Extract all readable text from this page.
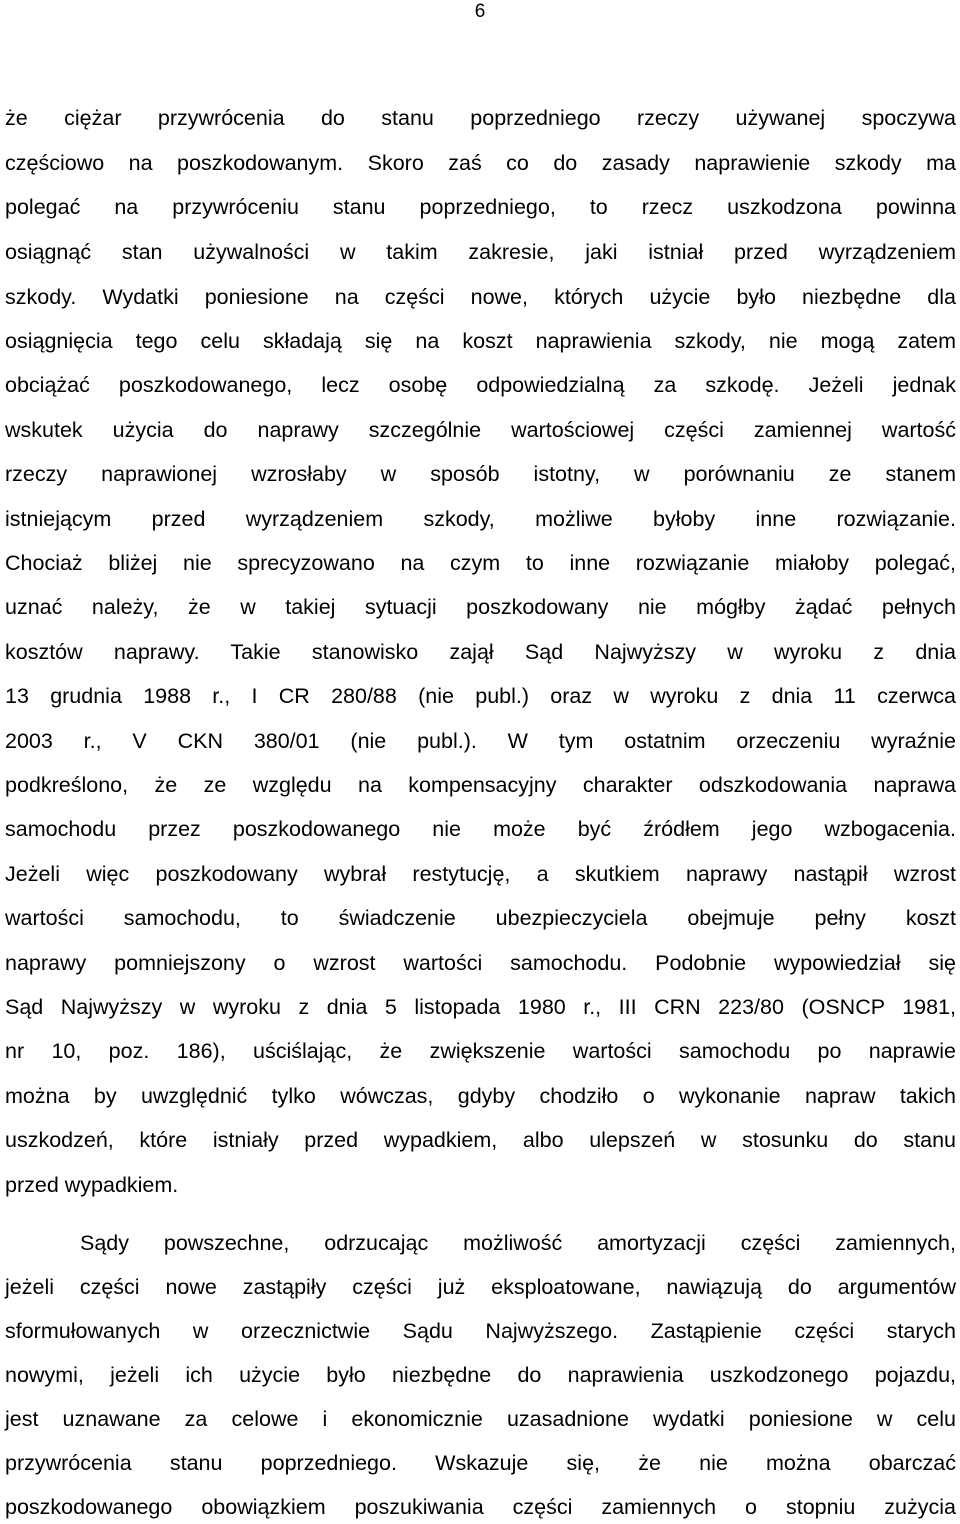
6
że ciężar przywrócenia do stanu poprzedniego rzeczy używanej spoczywa
częściowo na poszkodowanym. Skoro zaś co do zasady naprawienie szkody ma
polegać na przywróceniu stanu poprzedniego, to rzecz uszkodzona powinna
osiągnąć stan używalności w takim zakresie, jaki istniał przed wyrządzeniem
szkody. Wydatki poniesione na części nowe, których użycie było niezbędne dla
osiągnięcia tego celu składają się na koszt naprawienia szkody, nie mogą zatem
obciążać poszkodowanego, lecz osobę odpowiedzialną za szkodę. Jeżeli jednak
wskutek użycia do naprawy szczególnie wartościowej części zamiennej wartość
rzeczy naprawionej wzrosłaby w sposób istotny, w porównaniu ze stanem
istniejącym przed wyrządzeniem szkody, możliwe byłoby inne rozwiązanie.
Chociaż bliżej nie sprecyzowano na czym to inne rozwiązanie miałoby polegać,
uznać należy, że w takiej sytuacji poszkodowany nie mógłby żądać pełnych
kosztów naprawy. Takie stanowisko zajął Sąd Najwyższy w wyroku z dnia
13 grudnia 1988 r., I CR 280/88 (nie publ.) oraz w wyroku z dnia 11 czerwca
2003 r., V CKN 380/01 (nie publ.). W tym ostatnim orzeczeniu wyraźnie
podkreślono, że ze względu na kompensacyjny charakter odszkodowania naprawa
samochodu przez poszkodowanego nie może być źródłem jego wzbogacenia.
Jeżeli więc poszkodowany wybrał restytucję, a skutkiem naprawy nastąpił wzrost
wartości samochodu, to świadczenie ubezpieczyciela obejmuje pełny koszt
naprawy pomniejszony o wzrost wartości samochodu. Podobnie wypowiedział się
Sąd Najwyższy w wyroku z dnia 5 listopada 1980 r., III CRN 223/80 (OSNCP 1981,
nr 10, poz. 186), uściślając, że zwiększenie wartości samochodu po naprawie
można by uwzględnić tylko wówczas, gdyby chodziło o wykonanie napraw takich
uszkodzeń, które istniały przed wypadkiem, albo ulepszeń w stosunku do stanu
przed wypadkiem.
Sądy powszechne, odrzucając możliwość amortyzacji części zamiennych,
jeżeli części nowe zastąpiły części już eksploatowane, nawiązują do argumentów
sformułowanych w orzecznictwie Sądu Najwyższego. Zastąpienie części starych
nowymi, jeżeli ich użycie było niezbędne do naprawienia uszkodzonego pojazdu,
jest uznawane za celowe i ekonomicznie uzasadnione wydatki poniesione w celu
przywrócenia stanu poprzedniego. Wskazuje się, że nie można obarczać
poszkodowanego obowiązkiem poszukiwania części zamiennych o stopniu zużycia
